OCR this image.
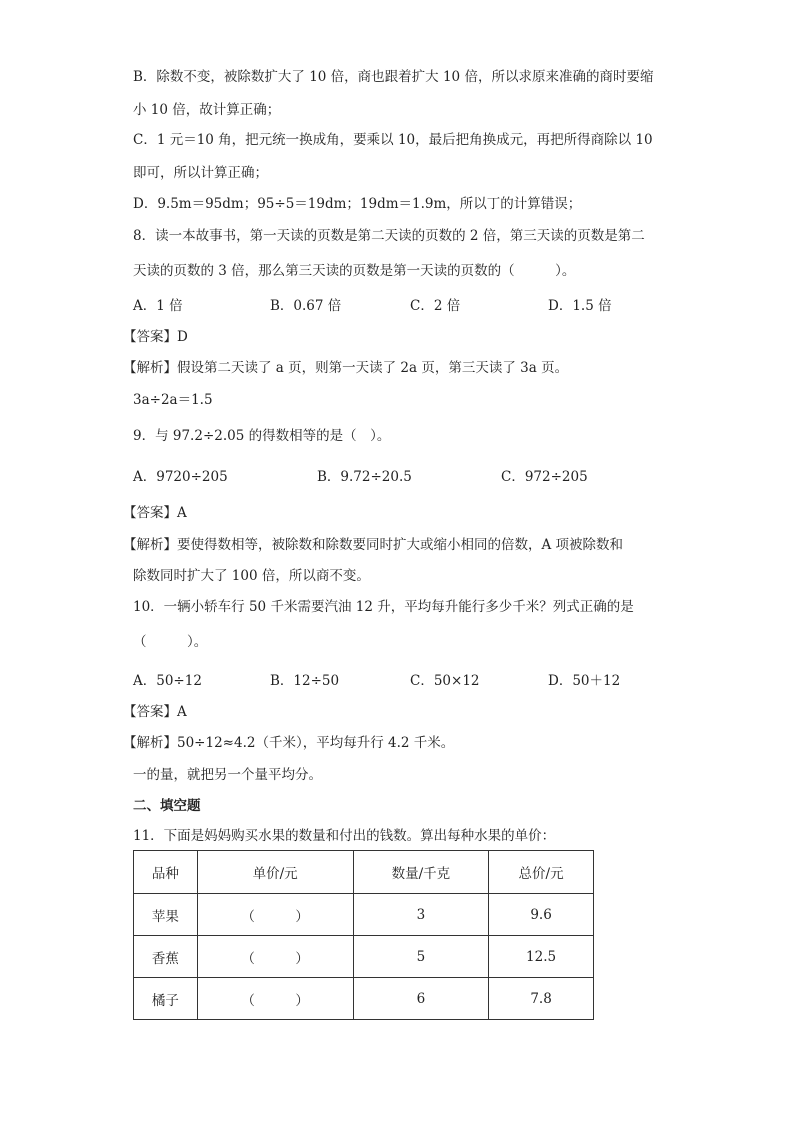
B．除数不变，被除数扩大了 10 倍，商也跟着扩大 10 倍，所以求原来准确的商时要缩
小 10 倍，故计算正确；
C．1 元＝10 角，把元统一换成角，要乘以 10，最后把角换成元，再把所得商除以 10
即可，所以计算正确；
D．9.5m＝95dm；95÷5＝19dm；19dm＝1.9m，所以丁的计算错误；
8．读一本故事书，第一天读的页数是第二天读的页数的 2 倍，第三天读的页数是第二
天读的页数的 3 倍，那么第三天读的页数是第一天读的页数的（　　　）。
A．1 倍	B．0.67 倍	C．2 倍	D．1.5 倍
【答案】D
【解析】假设第二天读了 a 页，则第一天读了 2a 页，第三天读了 3a 页。
3a÷2a＝1.5
9．与 97.2÷2.05 的得数相等的是（　）。
A．9720÷205	B．9.72÷20.5	C．972÷205
【答案】A
【解析】要使得数相等，被除数和除数要同时扩大或缩小相同的倍数，A 项被除数和
除数同时扩大了 100 倍，所以商不变。
10．一辆小轿车行 50 千米需要汽油 12 升，平均每升能行多少千米？列式正确的是
（　　　）。
A．50÷12	B．12÷50	C．50×12	D．50＋12
【答案】A
【解析】50÷12≈4.2（千米），平均每升行 4.2 千米。
一的量，就把另一个量平均分。
二、填空题
11．下面是妈妈购买水果的数量和付出的钱数。算出每种水果的单价：
品种	单价/元	数量/千克	总价/元
苹果	（　　　）	3	9.6
香蕉	（　　　）	5	12.5
橘子	（　　　）	6	7.8
